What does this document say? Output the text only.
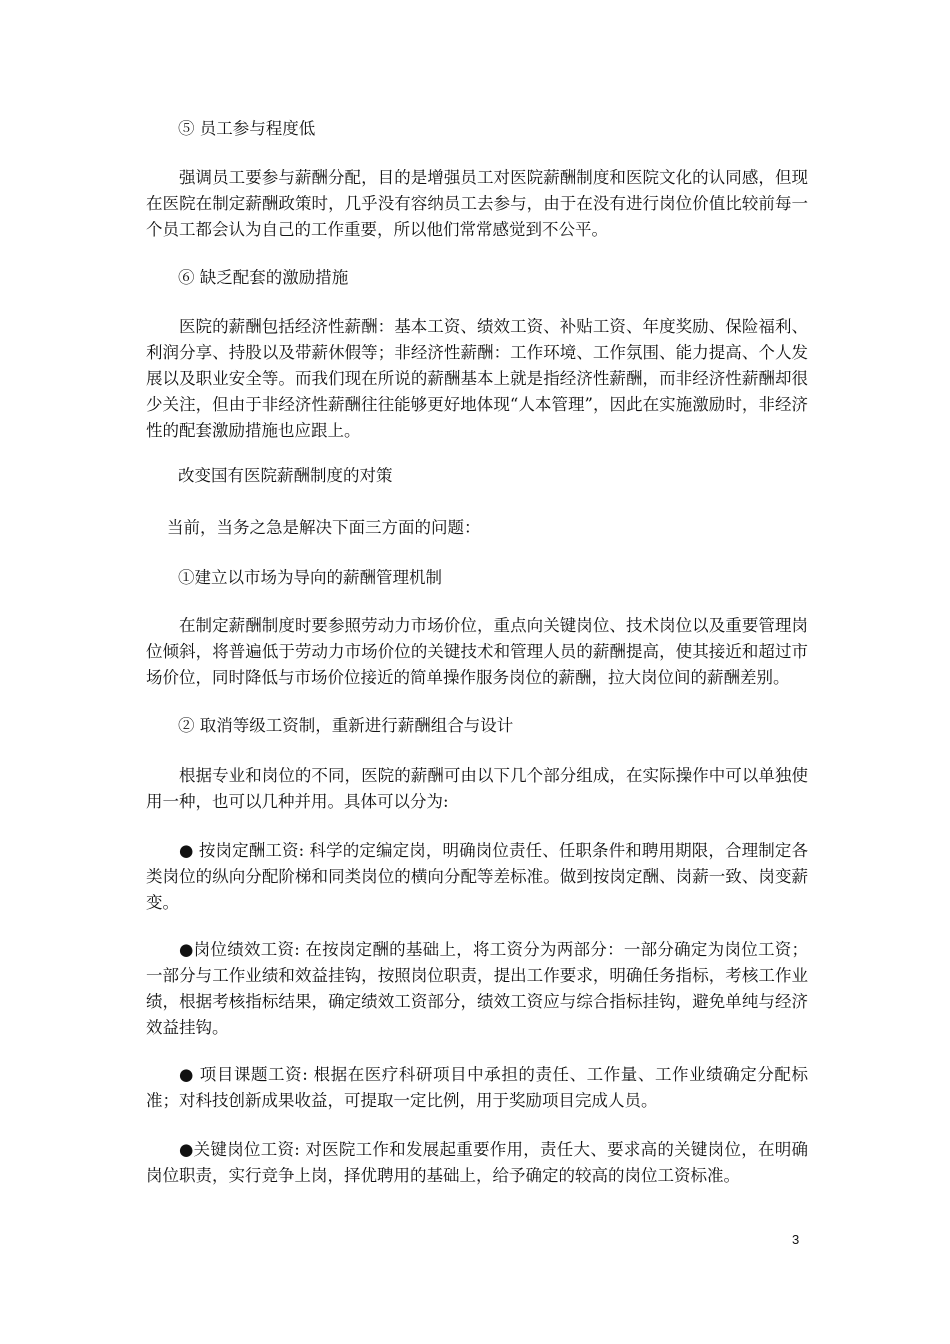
⑤ 员工参与程度低

强调员工要参与薪酬分配，目的是增强员工对医院薪酬制度和医院文化的认同感，但现在医院在制定薪酬政策时，几乎没有容纳员工去参与，由于在没有进行岗位价值比较前每一个员工都会认为自己的工作重要，所以他们常常感觉到不公平。

⑥ 缺乏配套的激励措施

医院的薪酬包括经济性薪酬：基本工资、绩效工资、补贴工资、年度奖励、保险福利、利润分享、持股以及带薪休假等；非经济性薪酬：工作环境、工作氛围、能力提高、个人发展以及职业安全等。而我们现在所说的薪酬基本上就是指经济性薪酬，而非经济性薪酬却很少关注，但由于非经济性薪酬往往能够更好地体现“人本管理”，因此在实施激励时，非经济性的配套激励措施也应跟上。

改变国有医院薪酬制度的对策

当前，当务之急是解决下面三方面的问题：

①建立以市场为导向的薪酬管理机制

在制定薪酬制度时要参照劳动力市场价位，重点向关键岗位、技术岗位以及重要管理岗位倾斜，将普遍低于劳动力市场价位的关键技术和管理人员的薪酬提高，使其接近和超过市场价位，同时降低与市场价位接近的简单操作服务岗位的薪酬，拉大岗位间的薪酬差别。

② 取消等级工资制，重新进行薪酬组合与设计

根据专业和岗位的不同，医院的薪酬可由以下几个部分组成，在实际操作中可以单独使用一种，也可以几种并用。具体可以分为:

● 按岗定酬工资: 科学的定编定岗，明确岗位责任、任职条件和聘用期限，合理制定各类岗位的纵向分配阶梯和同类岗位的横向分配等差标准。做到按岗定酬、岗薪一致、岗变薪变。

●岗位绩效工资: 在按岗定酬的基础上，将工资分为两部分：一部分确定为岗位工资；一部分与工作业绩和效益挂钩，按照岗位职责，提出工作要求，明确任务指标，考核工作业绩，根据考核指标结果，确定绩效工资部分，绩效工资应与综合指标挂钩，避免单纯与经济效益挂钩。

● 项目课题工资: 根据在医疗科研项目中承担的责任、工作量、工作业绩确定分配标准；对科技创新成果收益，可提取一定比例，用于奖励项目完成人员。

●关键岗位工资: 对医院工作和发展起重要作用，责任大、要求高的关键岗位，在明确岗位职责，实行竞争上岗，择优聘用的基础上，给予确定的较高的岗位工资标准。

3
